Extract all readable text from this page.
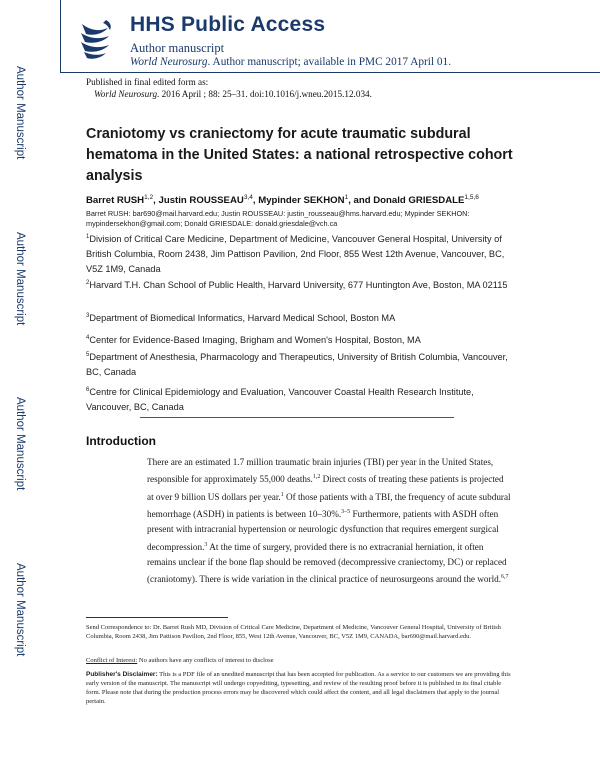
HHS Public Access
Author manuscript
World Neurosurg. Author manuscript; available in PMC 2017 April 01.
Author Manuscript
Author Manuscript
Author Manuscript
Author Manuscript
Published in final edited form as:
World Neurosurg. 2016 April ; 88: 25–31. doi:10.1016/j.wneu.2015.12.034.
Craniotomy vs craniectomy for acute traumatic subdural hematoma in the United States: a national retrospective cohort analysis
Barret RUSH$^{1,2}$, Justin ROUSSEAU$^{3,4}$, Mypinder SEKHON$^1$, and Donald GRIESDALE$^{1,5,6}$
Barret RUSH: bar690@mail.harvard.edu; Justin ROUSSEAU: justin_rousseau@hms.harvard.edu; Mypinder SEKHON: mypindersekhon@gmail.com; Donald GRIESDALE: donald.griesdale@vch.ca
$^1$Division of Critical Care Medicine, Department of Medicine, Vancouver General Hospital, University of British Columbia, Room 2438, Jim Pattison Pavilion, 2nd Floor, 855 West 12th Avenue, Vancouver, BC, V5Z 1M9, Canada
$^2$Harvard T.H. Chan School of Public Health, Harvard University, 677 Huntington Ave, Boston, MA 02115
$^3$Department of Biomedical Informatics, Harvard Medical School, Boston MA
$^4$Center for Evidence-Based Imaging, Brigham and Women's Hospital, Boston, MA
$^5$Department of Anesthesia, Pharmacology and Therapeutics, University of British Columbia, Vancouver, BC, Canada
$^6$Centre for Clinical Epidemiology and Evaluation, Vancouver Coastal Health Research Institute, Vancouver, BC, Canada
Introduction
There are an estimated 1.7 million traumatic brain injuries (TBI) per year in the United States, responsible for approximately 55,000 deaths.$^{1,2}$ Direct costs of treating these patients is projected at over 9 billion US dollars per year.$^1$ Of those patients with a TBI, the frequency of acute subdural hemorrhage (ASDH) in patients is between 10–30%.$^{3-5}$ Furthermore, patients with ASDH often present with intracranial hypertension or neurologic dysfunction that requires emergent surgical decompression.$^3$ At the time of surgery, provided there is no extracranial herniation, it often remains unclear if the bone flap should be removed (decompressive craniectomy, DC) or replaced (craniotomy). There is wide variation in the clinical practice of neurosurgeons around the world.$^{6,7}$
Send Correspondence to: Dr. Barret Rush MD, Division of Critical Care Medicine, Department of Medicine, Vancouver General Hospital, University of British Columbia, Room 2438, Jim Pattison Pavilion, 2nd Floor, 855, West 12th Avenue, Vancouver, BC, V5Z 1M9, CANADA, bar690@mail.harvard.edu.
Conflict of Interest: No authors have any conflicts of interest to disclose
Publisher's Disclaimer: This is a PDF file of an unedited manuscript that has been accepted for publication. As a service to our customers we are providing this early version of the manuscript. The manuscript will undergo copyediting, typesetting, and review of the resulting proof before it is published in its final citable form. Please note that during the production process errors may be discovered which could affect the content, and all legal disclaimers that apply to the journal pertain.
